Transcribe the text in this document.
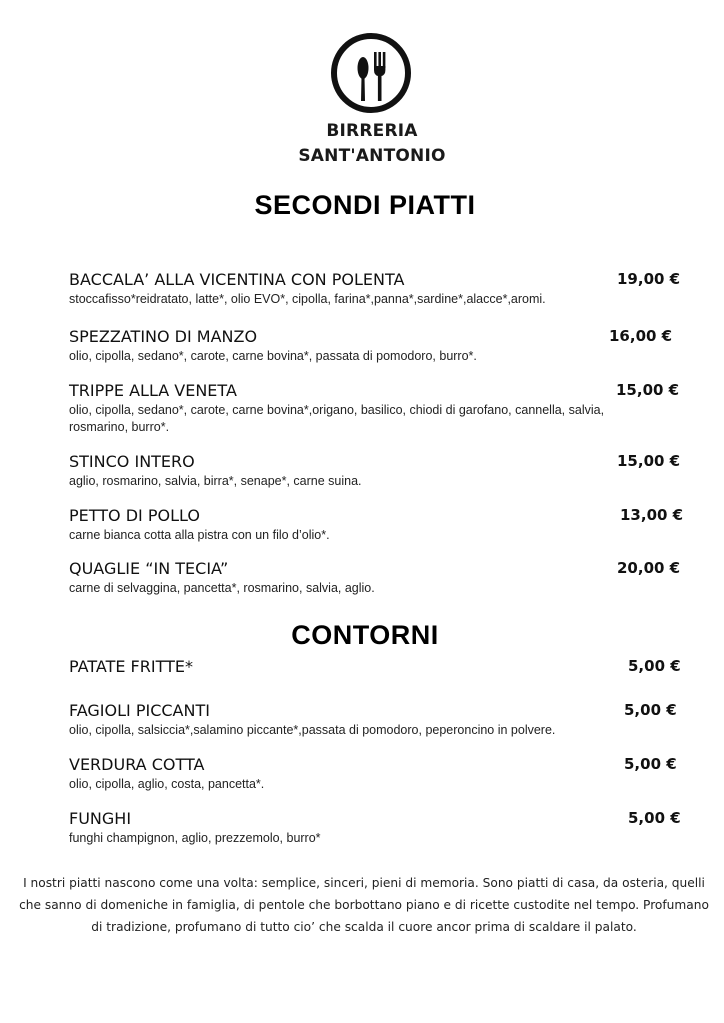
BIRRERIA
SANT'ANTONIO
SECONDI PIATTI
BACCALA’ ALLA VICENTINA CON POLENTA	19,00 €
stoccafisso*reidratato, latte*, olio EVO*, cipolla, farina*,panna*,sardine*,alacce*,aromi.
SPEZZATINO DI MANZO	16,00 €
olio, cipolla, sedano*, carote, carne bovina*, passata di pomodoro, burro*.
TRIPPE ALLA VENETA	15,00 €
olio, cipolla, sedano*, carote, carne bovina*,origano, basilico, chiodi di garofano, cannella, salvia, rosmarino, burro*.
STINCO INTERO	15,00 €
aglio, rosmarino, salvia, birra*, senape*, carne suina.
PETTO DI POLLO	13,00 €
carne bianca cotta alla pistra con un filo d’olio*.
QUAGLIE “IN TECIA”	20,00 €
carne di selvaggina, pancetta*, rosmarino, salvia, aglio.
CONTORNI
PATATE FRITTE*	5,00 €
FAGIOLI PICCANTI	5,00 €
olio, cipolla, salsiccia*,salamino piccante*,passata di pomodoro, peperoncino in polvere.
VERDURA COTTA	5,00 €
olio, cipolla, aglio, costa, pancetta*.
FUNGHI	5,00 €
funghi champignon, aglio, prezzemolo, burro*
I nostri piatti nascono come una volta: semplice, sinceri, pieni di memoria. Sono piatti di casa, da osteria, quelli
che sanno di domeniche in famiglia, di pentole che borbottano piano e di ricette custodite nel tempo. Profumano
di tradizione, profumano di tutto cio’ che scalda il cuore ancor prima di scaldare il palato.
